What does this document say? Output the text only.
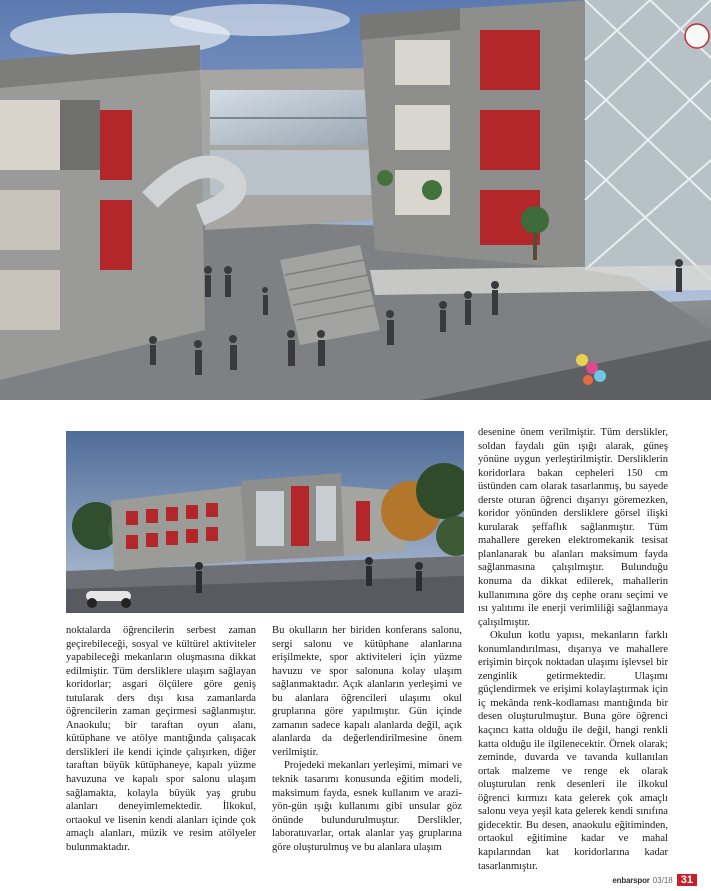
noktalarda öğrencilerin serbest zaman geçirebileceği, sosyal ve kültürel aktiviteler yapabileceği mekanların oluşmasına dikkat edilmiştir. Tüm dersliklere ulaşım sağlayan koridorlar; asgari ölçülere göre geniş tutularak ders dışı kısa zamanlarda öğrencilerin zaman geçirmesi sağlanmıştır. Anaokulu; bir taraftan oyun alanı, kütüphane ve atölye mantığında çalışacak derslikleri ile kendi içinde çalışırken, diğer taraftan büyük kütüphaneye, kapalı yüzme havuzuna ve kapalı spor salonu ulaşım sağlamakta, kolayla büyük yaş grubu alanları deneyimlemektedir. İlkokul, ortaokul ve lisenin kendi alanları içinde çok amaçlı alanları, müzik ve resim atölyeler bulunmaktadır.

Bu okulların her biriden konferans salonu, sergi salonu ve kütüphane alanlarına erişilmekte, spor aktiviteleri için yüzme havuzu ve spor salonuna kolay ulaşım sağlanmaktadır. Açık alanların yerleşimi ve bu alanlara öğrencileri ulaşımı okul gruplarına göre yapılmıştır. Gün içinde zamanın sadece kapalı alanlarda değil, açık alanlarda da değerlendirilmesine önem verilmiştir.

Projedeki mekanları yerleşimi, mimari ve teknik tasarımı konusunda eğitim modeli, maksimum fayda, esnek kullanım ve arazi-yön-gün ışığı kullanımı gibi unsular göz önünde bulundurulmuştur. Derslikler, laboratuvarlar, ortak alanlar yaş gruplarına göre oluşturulmuş ve bu alanlara ulaşım

desenine önem verilmiştir. Tüm derslikler, soldan faydalı gün ışığı alarak, güneş yönüne uygun yerleştirilmiştir. Dersliklerin koridorlara bakan cepheleri 150 cm üstünden cam olarak tasarlanmış, bu sayede derste oturan öğrenci dışarıyı göremezken, koridor yönünden dersliklere görsel ilişki kurularak şeffaflık sağlanmıştır. Tüm mahallere gereken elektromekanik tesisat planlanarak bu alanları maksimum fayda sağlanmasına çalışılmıştır. Bulunduğu konuma da dikkat edilerek, mahallerin kullanımına göre dış cephe oranı seçimi ve ısı yalıtımı ile enerji verimliliği sağlanmaya çalışılmıştır.

Okulun kotlu yapısı, mekanların farklı konumlandırılması, dışarıya ve mahallere erişimin birçok noktadan ulaşımı işlevsel bir zenginlik getirmektedir. Ulaşımı güçlendirmek ve erişimi kolaylaştırmak için iç mekânda renk-kodlaması mantığında bir desen oluşturulmuştur. Buna göre öğrenci kaçıncı katta olduğu ile değil, hangi renkli katta olduğu ile ilgilenecektir. Örnek olarak; zeminde, duvarda ve tavanda kullanılan ortak malzeme ve renge ek olarak oluşturulan renk desenleri ile ilkokul öğrenci kırmızı kata gelerek çok amaçlı salonu veya yeşil kata gelerek kendi sınıfına gidecektir. Bu desen, anaokulu eğitiminden, ortaokul eğitimine kadar ve mahal kapılarından kat koridorlarına kadar tasarlanmıştır.

enbarspor 03/18 31
